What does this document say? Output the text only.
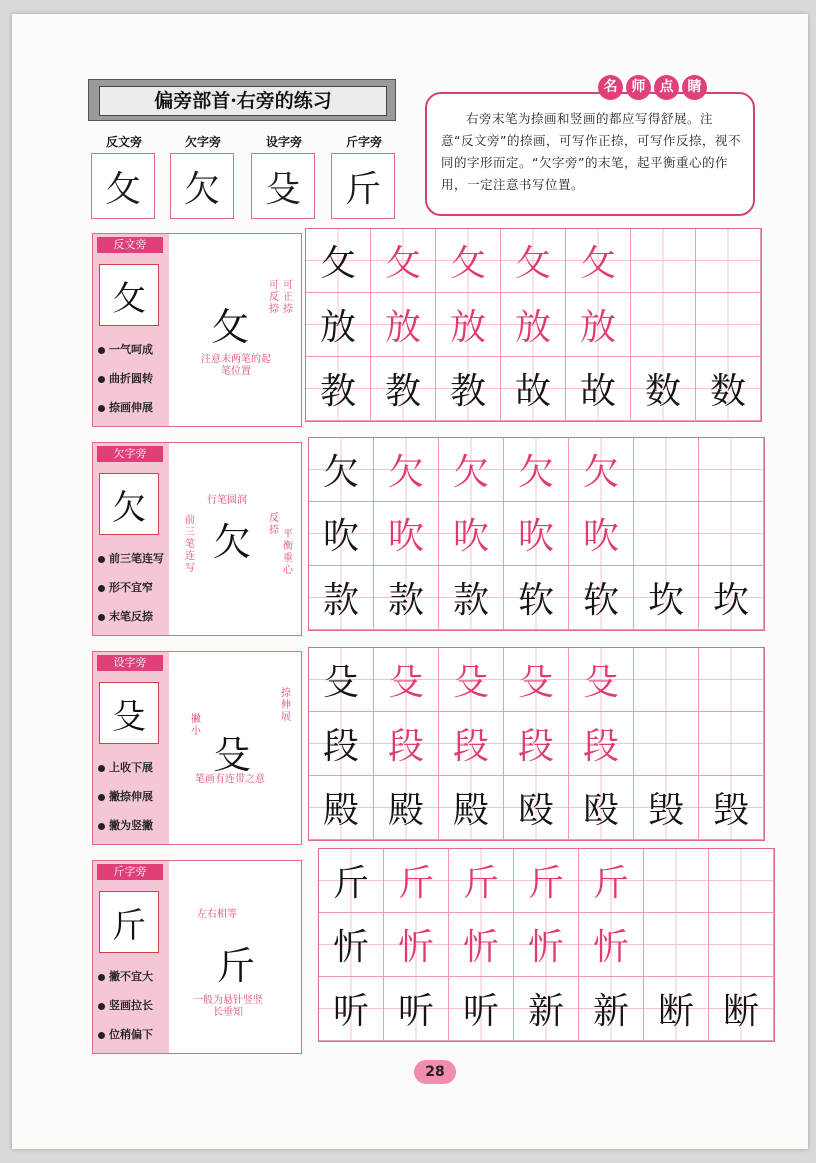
偏旁部首·右旁的练习
反文旁
攵
欠字旁
欠
设字旁
殳
斤字旁
斤
右旁末笔为捺画和竖画的都应写得舒展。注意“反文旁”的捺画，可写作正捺，可写作反捺，视不同的字形而定。“欠字旁”的末笔，起平衡重心的作用，一定注意书写位置。
名	师	点	睛
反文旁
攵
一气呵成
曲折圆转
捺画伸展
攵
可反捺
可正捺
注意末两笔的起笔位置
攵 攵 攵 攵 攵
放 放 放 放 放
教 教 教 故 故 数 数
欠字旁
欠
前三笔连写
形不宜窄
末笔反捺
行笔圆润
前三笔连写
欠
反捺 平衡重心
欠 欠 欠 欠 欠
吹 吹 吹 吹 吹
款 款 款 软 软 坎 坎
设字旁
殳
上收下展
撇捺伸展
撇为竖撇
撇小
殳
捺伸展
笔画有连带之意
殳 殳 殳 殳 殳
段 段 段 段 段
殿 殿 殿 殴 殴 毁 毁
斤字旁
斤
撇不宜大
竖画拉长
位稍偏下
左右相等
斤
一般为悬针竖竖长垂知
斤 斤 斤 斤 斤
忻 忻 忻 忻 忻
听 听 听 新 新 断 断
28
